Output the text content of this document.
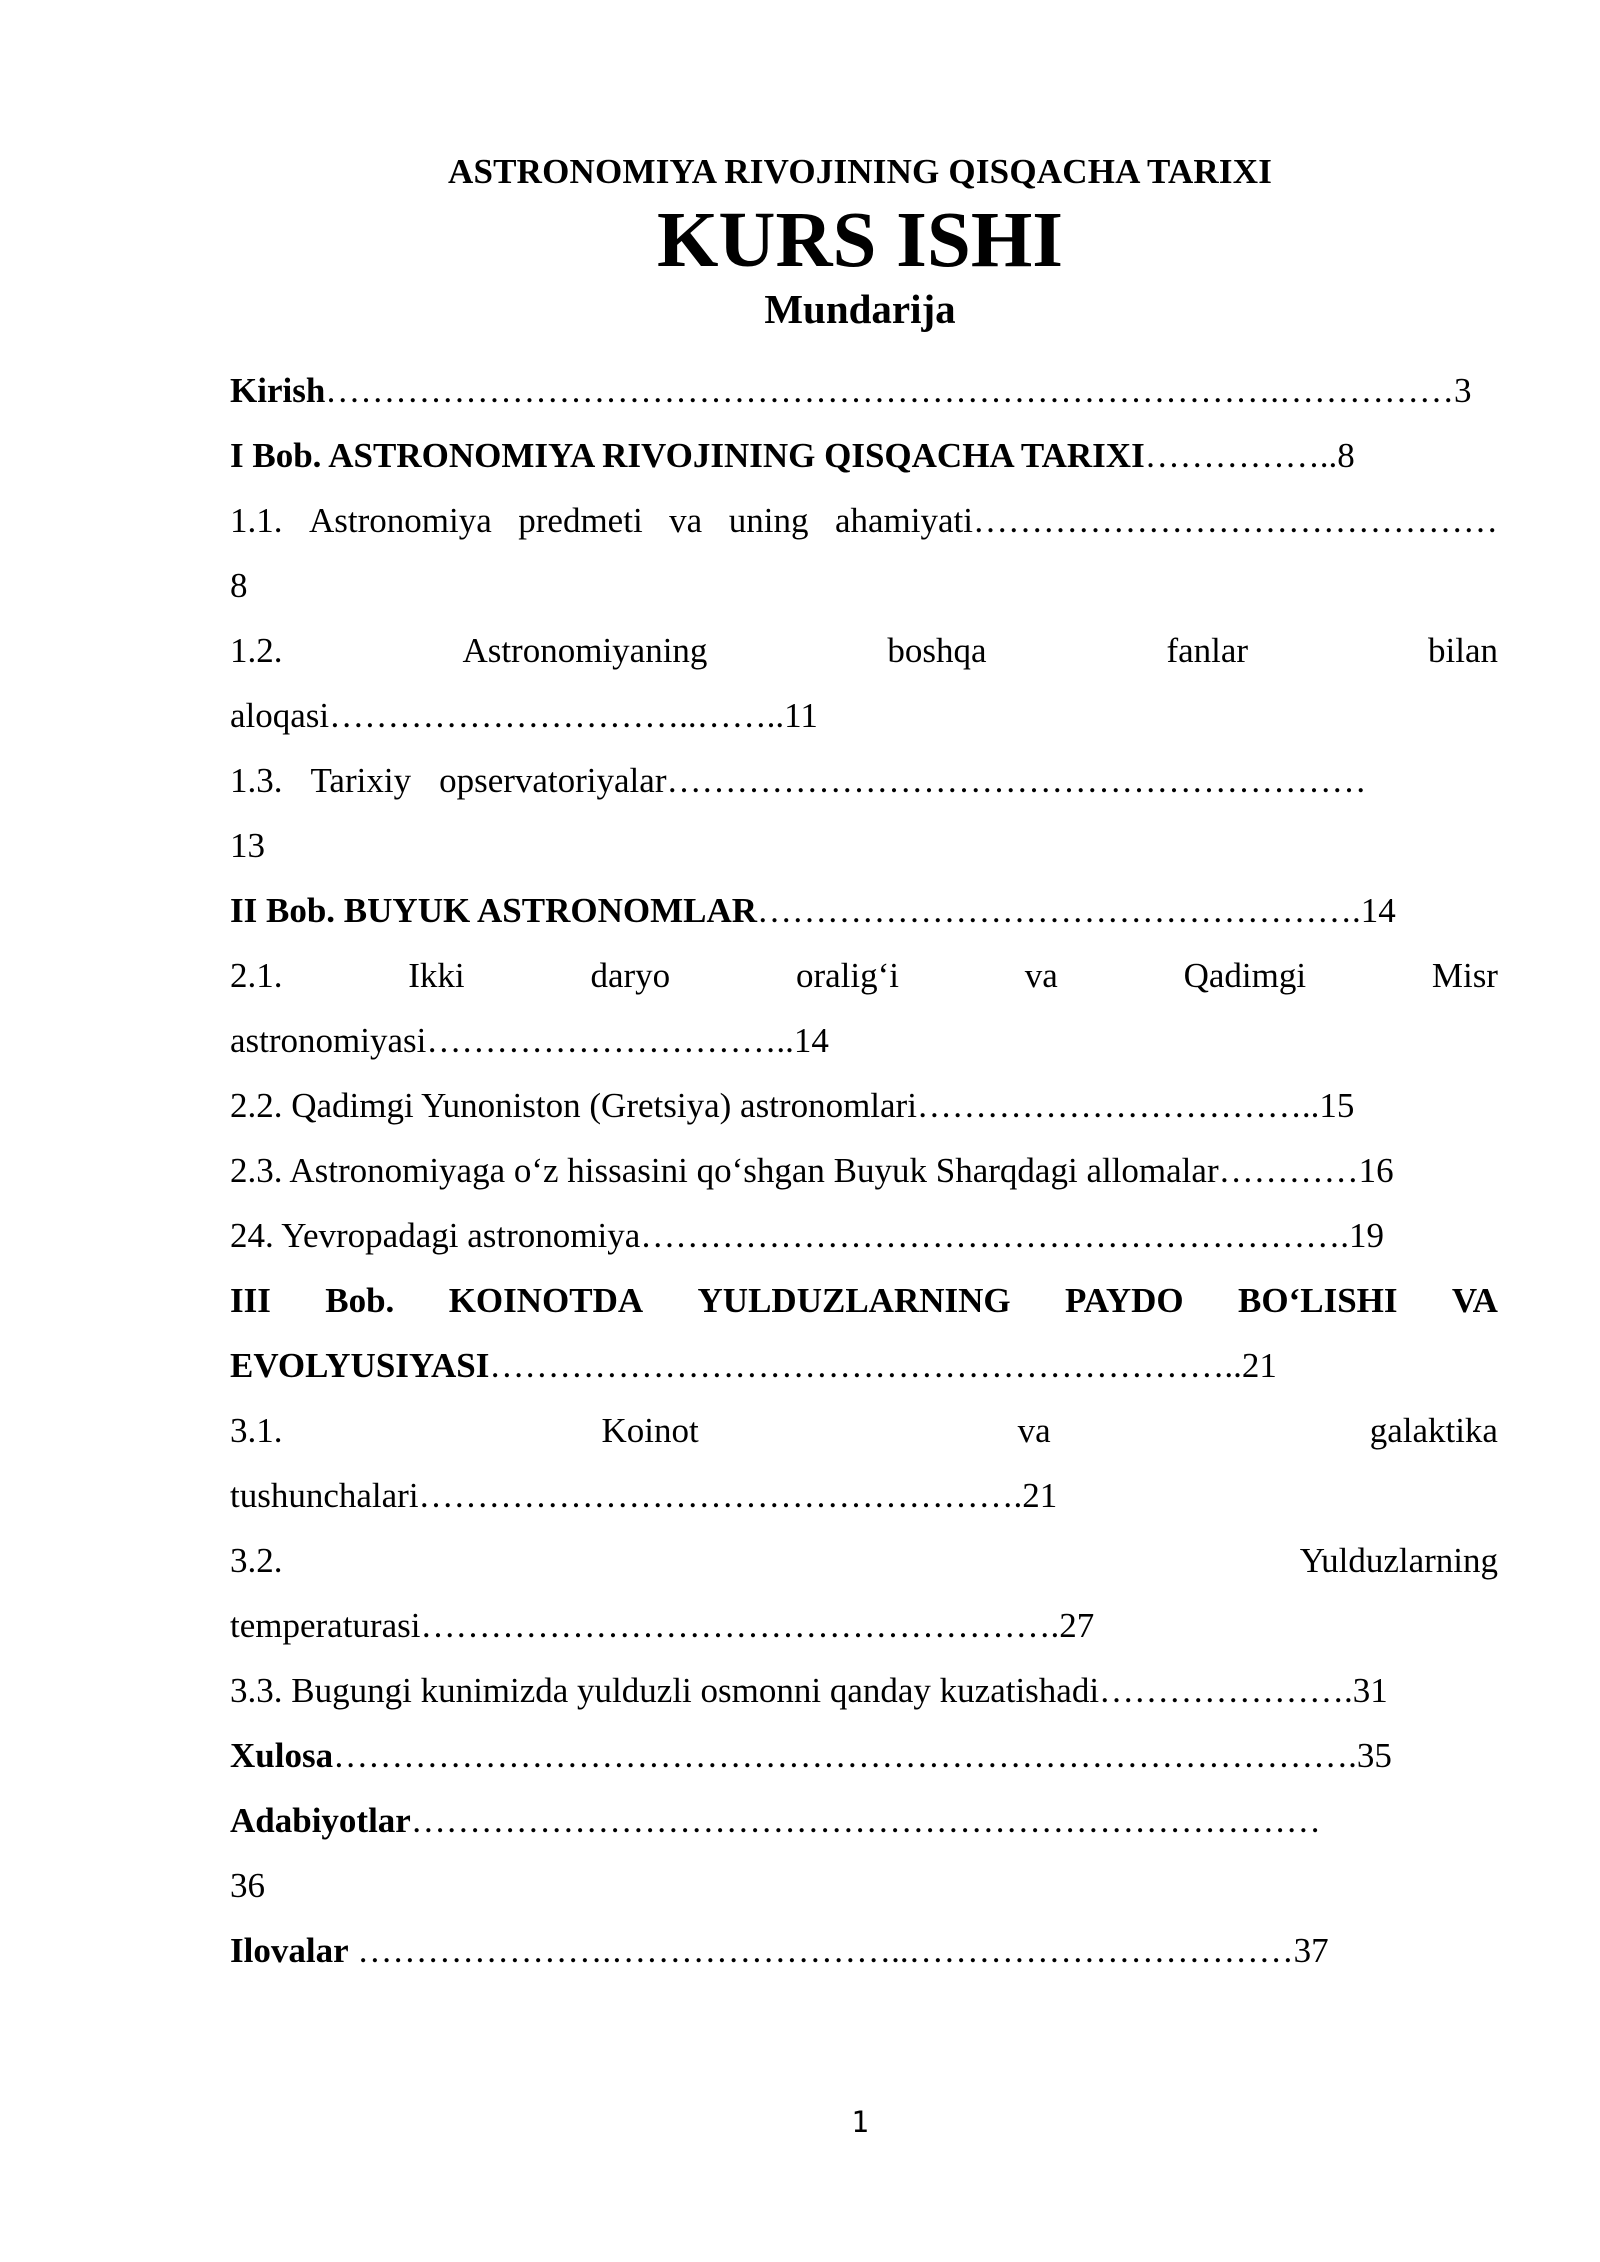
ASTRONOMIYA RIVOJINING QISQACHA TARIXI
KURS ISHI
Mundarija
Kirish……………………………………………………………………….……………3
I Bob. ASTRONOMIYA RIVOJINING QISQACHA TARIXI……………..8
1.1. Astronomiya predmeti va uning ahamiyati………………………………………
8
1.2.	Astronomiyaning	boshqa	fanlar	bilan
aloqasi…………………………..……..11
1.3. Tarixiy opservatoriyalar……………………………………………………
13
II Bob. BUYUK ASTRONOMLAR…………………………………………….14
2.1.	Ikki	daryo	oralig‘i	va	Qadimgi	Misr
astronomiyasi…………………………..14
2.2. Qadimgi Yunoniston (Gretsiya) astronomlari……………………………..15
2.3. Astronomiyaga o‘z hissasini qo‘shgan Buyuk Sharqdagi allomalar…………16
24. Yevropadagi astronomiya…………………………………………………….19
III Bob. KOINOTDA YULDUZLARNING PAYDO BO‘LISHI VA
EVOLYUSIYASI………………………………………………………..21
3.1.	Koinot	va	galaktika
tushunchalari…………………………………………….21
3.2.	Yulduzlarning
temperaturasi……………………………………………….27
3.3. Bugungi kunimizda yulduzli osmonni qanday kuzatishadi………………….31
Xulosa…………………………………………………………………………….35
Adabiyotlar……………………………………………………………………
36
Ilovalar ………………….……………………..……………………………37
1
